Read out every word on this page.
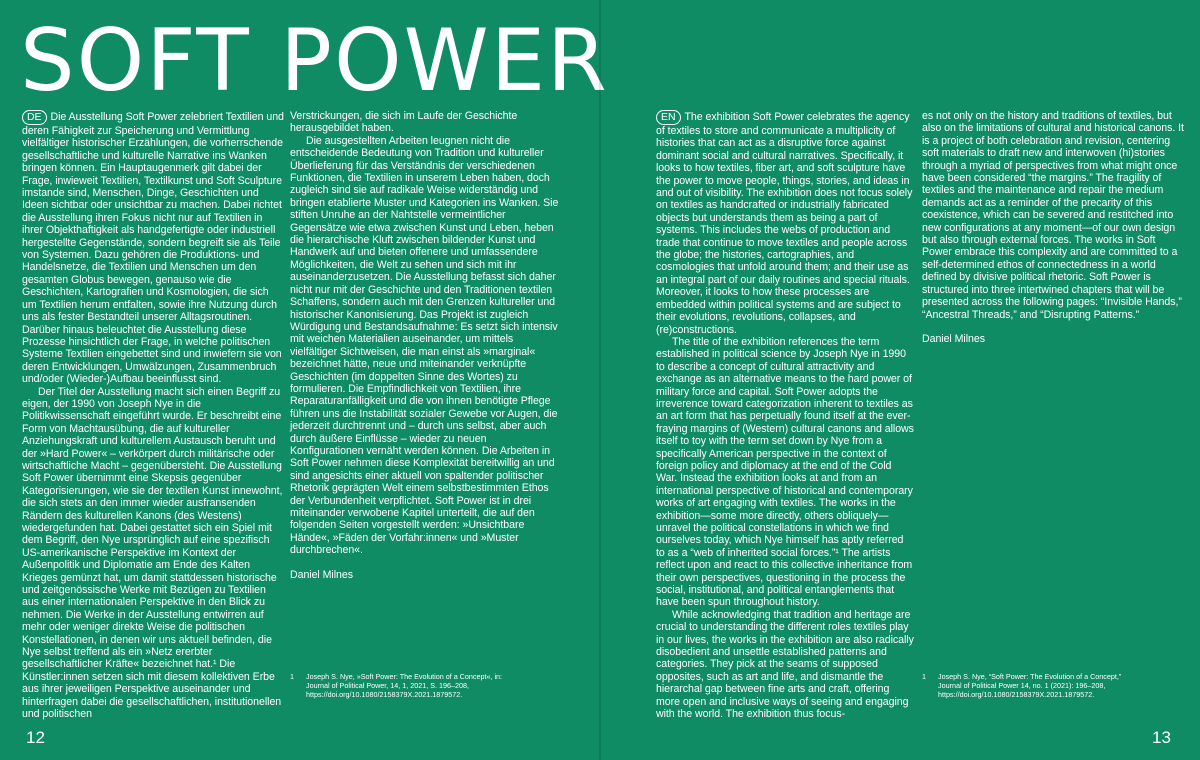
SOFT POWER

DE Die Ausstellung Soft Power zelebriert Textilien und deren Fähigkeit zur Speicherung und Vermittlung vielfältiger historischer Erzählungen, die vorherrschende gesellschaftliche und kulturelle Narrative ins Wanken bringen können. Ein Hauptaugenmerk gilt dabei der Frage, inwieweit Textilien, Textilkunst und Soft Sculpture imstande sind, Menschen, Dinge, Geschichten und Ideen sichtbar oder unsichtbar zu machen. Dabei richtet die Ausstellung ihren Fokus nicht nur auf Textilien in ihrer Objekthaftigkeit als handgefertigte oder industriell hergestellte Gegenstände, sondern begreift sie als Teile von Systemen. Dazu gehören die Produktions- und Handelsnetze, die Textilien und Menschen um den gesamten Globus bewegen, genauso wie die Geschichten, Kartografien und Kosmologien, die sich um Textilien herum entfalten, sowie ihre Nutzung durch uns als fester Bestandteil unserer Alltagsroutinen. Darüber hinaus beleuchtet die Ausstellung diese Prozesse hinsichtlich der Frage, in welche politischen Systeme Textilien eingebettet sind und inwiefern sie von deren Entwicklungen, Umwälzungen, Zusammenbruch und/oder (Wieder-)Aufbau beeinflusst sind.

Der Titel der Ausstellung macht sich einen Begriff zu eigen, der 1990 von Joseph Nye in die Politikwissenschaft eingeführt wurde. Er beschreibt eine Form von Machtausübung, die auf kultureller Anziehungskraft und kulturellem Austausch beruht und der »Hard Power« – verkörpert durch militärische oder wirtschaftliche Macht – gegenübersteht. Die Ausstellung Soft Power übernimmt eine Skepsis gegenüber Kategorisierungen, wie sie der textilen Kunst innewohnt, die sich stets an den immer wieder ausfransenden Rändern des kulturellen Kanons (des Westens) wiedergefunden hat. Dabei gestattet sich ein Spiel mit dem Begriff, den Nye ursprünglich auf eine spezifisch US-amerikanische Perspektive im Kontext der Außenpolitik und Diplomatie am Ende des Kalten Krieges gemünzt hat, um damit stattdessen historische und zeitgenössische Werke mit Bezügen zu Textilien aus einer internationalen Perspektive in den Blick zu nehmen. Die Werke in der Ausstellung entwirren auf mehr oder weniger direkte Weise die politischen Konstellationen, in denen wir uns aktuell befinden, die Nye selbst treffend als ein »Netz ererbter gesellschaftlicher Kräfte« bezeichnet hat.¹ Die Künstler:innen setzen sich mit diesem kollektiven Erbe aus ihrer jeweiligen Perspektive auseinander und hinterfragen dabei die gesellschaftlichen, institutionellen und politischen

Verstrickungen, die sich im Laufe der Geschichte herausgebildet haben.

Die ausgestellten Arbeiten leugnen nicht die entscheidende Bedeutung von Tradition und kultureller Überlieferung für das Verständnis der verschiedenen Funktionen, die Textilien in unserem Leben haben, doch zugleich sind sie auf radikale Weise widerständig und bringen etablierte Muster und Kategorien ins Wanken. Sie stiften Unruhe an der Nahtstelle vermeintlicher Gegensätze wie etwa zwischen Kunst und Leben, heben die hierarchische Kluft zwischen bildender Kunst und Handwerk auf und bieten offenere und umfassendere Möglichkeiten, die Welt zu sehen und sich mit ihr auseinanderzusetzen. Die Ausstellung befasst sich daher nicht nur mit der Geschichte und den Traditionen textilen Schaffens, sondern auch mit den Grenzen kultureller und historischer Kanonisierung. Das Projekt ist zugleich Würdigung und Bestandsaufnahme: Es setzt sich intensiv mit weichen Materialien auseinander, um mittels vielfältiger Sichtweisen, die man einst als »marginal« bezeichnet hätte, neue und miteinander verknüpfte Geschichten (im doppelten Sinne des Wortes) zu formulieren. Die Empfindlichkeit von Textilien, ihre Reparaturanfälligkeit und die von ihnen benötigte Pflege führen uns die Instabilität sozialer Gewebe vor Augen, die jederzeit durchtrennt und – durch uns selbst, aber auch durch äußere Einflüsse – wieder zu neuen Konfigurationen vernäht werden können. Die Arbeiten in Soft Power nehmen diese Komplexität bereitwillig an und sind angesichts einer aktuell von spaltender politischer Rhetorik geprägten Welt einem selbstbestimmten Ethos der Verbundenheit verpflichtet. Soft Power ist in drei miteinander verwobene Kapitel unterteilt, die auf den folgenden Seiten vorgestellt werden: »Unsichtbare Hände«, »Fäden der Vorfahr:innen« und »Muster durchbrechen«.

Daniel Milnes

1 Joseph S. Nye, »Soft Power: The Evolution of a Concept«, in: Journal of Political Power, 14, 1, 2021, S. 196–208, https://doi.org/10.1080/2158379X.2021.1879572.
12

EN The exhibition Soft Power celebrates the agency of textiles to store and communicate a multiplicity of histories that can act as a disruptive force against dominant social and cultural narratives. Specifically, it looks to how textiles, fiber art, and soft sculpture have the power to move people, things, stories, and ideas in and out of visibility. The exhibition does not focus solely on textiles as handcrafted or industrially fabricated objects but understands them as being a part of systems. This includes the webs of production and trade that continue to move textiles and people across the globe; the histories, cartographies, and cosmologies that unfold around them; and their use as an integral part of our daily routines and special rituals. Moreover, it looks to how these processes are embedded within political systems and are subject to their evolutions, revolutions, collapses, and (re)constructions.

The title of the exhibition references the term established in political science by Joseph Nye in 1990 to describe a concept of cultural attractivity and exchange as an alternative means to the hard power of military force and capital. Soft Power adopts the irreverence toward categorization inherent to textiles as an art form that has perpetually found itself at the ever-fraying margins of (Western) cultural canons and allows itself to toy with the term set down by Nye from a specifically American perspective in the context of foreign policy and diplomacy at the end of the Cold War. Instead the exhibition looks at and from an international perspective of historical and contemporary works of art engaging with textiles. The works in the exhibition—some more directly, others obliquely—unravel the political constellations in which we find ourselves today, which Nye himself has aptly referred to as a “web of inherited social forces.”¹ The artists reflect upon and react to this collective inheritance from their own perspectives, questioning in the process the social, institutional, and political entanglements that have been spun throughout history.

While acknowledging that tradition and heritage are crucial to understanding the different roles textiles play in our lives, the works in the exhibition are also radically disobedient and unsettle established patterns and categories. They pick at the seams of supposed opposites, such as art and life, and dismantle the hierarchal gap between fine arts and craft, offering more open and inclusive ways of seeing and engaging with the world. The exhibition thus focus-

es not only on the history and traditions of textiles, but also on the limitations of cultural and historical canons. It is a project of both celebration and revision, centering soft materials to draft new and interwoven (hi)stories through a myriad of perspectives from what might once have been considered “the margins.” The fragility of textiles and the maintenance and repair the medium demands act as a reminder of the precarity of this coexistence, which can be severed and restitched into new configurations at any moment—of our own design but also through external forces. The works in Soft Power embrace this complexity and are committed to a self-determined ethos of connectedness in a world defined by divisive political rhetoric. Soft Power is structured into three intertwined chapters that will be presented across the following pages: “Invisible Hands,” “Ancestral Threads,” and “Disrupting Patterns.”

Daniel Milnes

1 Joseph S. Nye, “Soft Power: The Evolution of a Concept,” Journal of Political Power 14, no. 1 (2021): 196–208, https://doi.org/10.1080/2158379X.2021.1879572.
13
